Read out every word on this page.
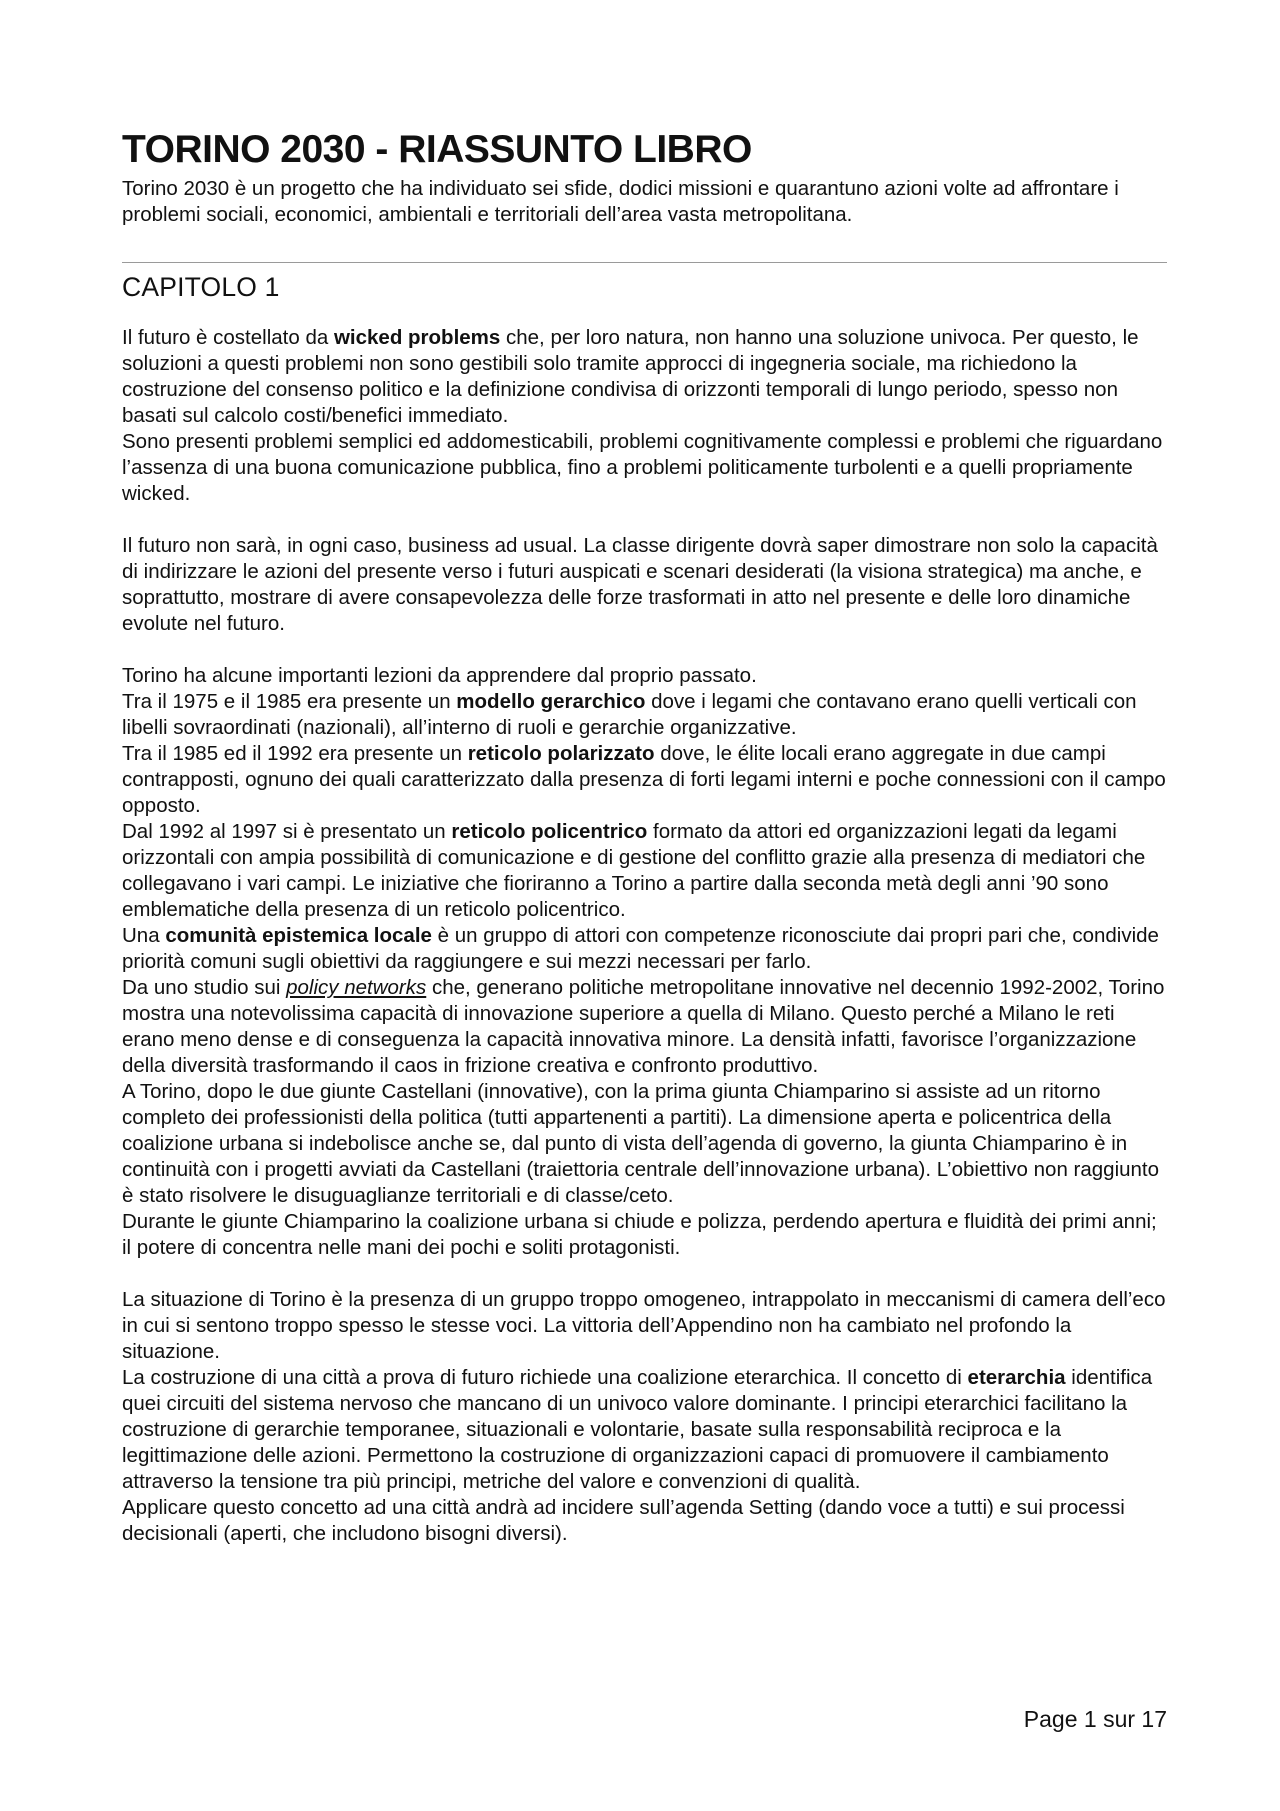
TORINO 2030 - RIASSUNTO LIBRO

Torino 2030 è un progetto che ha individuato sei sfide, dodici missioni e quarantuno azioni volte ad affrontare i problemi sociali, economici, ambientali e territoriali dell’area vasta metropolitana.

CAPITOLO 1

Il futuro è costellato da wicked problems che, per loro natura, non hanno una soluzione univoca. Per questo, le soluzioni a questi problemi non sono gestibili solo tramite approcci di ingegneria sociale, ma richiedono la costruzione del consenso politico e la definizione condivisa di orizzonti temporali di lungo periodo, spesso non basati sul calcolo costi/benefici immediato.

Sono presenti problemi semplici ed addomesticabili, problemi cognitivamente complessi e problemi che riguardano l’assenza di una buona comunicazione pubblica, fino a problemi politicamente turbolenti e a quelli propriamente wicked.

Il futuro non sarà, in ogni caso, business ad usual. La classe dirigente dovrà saper dimostrare non solo la capacità di indirizzare le azioni del presente verso i futuri auspicati e scenari desiderati (la visiona strategica) ma anche, e soprattutto, mostrare di avere consapevolezza delle forze trasformati in atto nel presente e delle loro dinamiche evolute nel futuro.

Torino ha alcune importanti lezioni da apprendere dal proprio passato.

Tra il 1975 e il 1985 era presente un modello gerarchico dove i legami che contavano erano quelli verticali con libelli sovraordinati (nazionali), all’interno di ruoli e gerarchie organizzative.

Tra il 1985 ed il 1992 era presente un reticolo polarizzato dove, le élite locali erano aggregate in due campi contrapposti, ognuno dei quali caratterizzato dalla presenza di forti legami interni e poche connessioni con il campo opposto.

Dal 1992 al 1997 si è presentato un reticolo policentrico formato da attori ed organizzazioni legati da legami orizzontali con ampia possibilità di comunicazione e di gestione del conflitto grazie alla presenza di mediatori che collegavano i vari campi. Le iniziative che fioriranno a Torino a partire dalla seconda metà degli anni ’90 sono emblematiche della presenza di un reticolo policentrico.

Una comunità epistemica locale è un gruppo di attori con competenze riconosciute dai propri pari che, condivide priorità comuni sugli obiettivi da raggiungere e sui mezzi necessari per farlo.

Da uno studio sui policy networks che, generano politiche metropolitane innovative nel decennio 1992-2002, Torino mostra una notevolissima capacità di innovazione superiore a quella di Milano. Questo perché a Milano le reti erano meno dense e di conseguenza la capacità innovativa minore. La densità infatti, favorisce l’organizzazione della diversità trasformando il caos in frizione creativa e confronto produttivo.

A Torino, dopo le due giunte Castellani (innovative), con la prima giunta Chiamparino si assiste ad un ritorno completo dei professionisti della politica (tutti appartenenti a partiti). La dimensione aperta e policentrica della coalizione urbana si indebolisce anche se, dal punto di vista dell’agenda di governo, la giunta Chiamparino è in continuità con i progetti avviati da Castellani (traiettoria centrale dell’innovazione urbana). L’obiettivo non raggiunto è stato risolvere le disuguaglianze territoriali e di classe/ceto.

Durante le giunte Chiamparino la coalizione urbana si chiude e polizza, perdendo apertura e fluidità dei primi anni; il potere di concentra nelle mani dei pochi e soliti protagonisti.

La situazione di Torino è la presenza di un gruppo troppo omogeneo, intrappolato in meccanismi di camera dell’eco in cui si sentono troppo spesso le stesse voci. La vittoria dell’Appendino non ha cambiato nel profondo la situazione.

La costruzione di una città a prova di futuro richiede una coalizione eterarchica. Il concetto di eterarchia identifica quei circuiti del sistema nervoso che mancano di un univoco valore dominante. I principi eterarchici facilitano la costruzione di gerarchie temporanee, situazionali e volontarie, basate sulla responsabilità reciproca e la legittimazione delle azioni. Permettono la costruzione di organizzazioni capaci di promuovere il cambiamento attraverso la tensione tra più principi, metriche del valore e convenzioni di qualità.

Applicare questo concetto ad una città andrà ad incidere sull’agenda Setting (dando voce a tutti) e sui processi decisionali (aperti, che includono bisogni diversi).

Page 1 sur 17
